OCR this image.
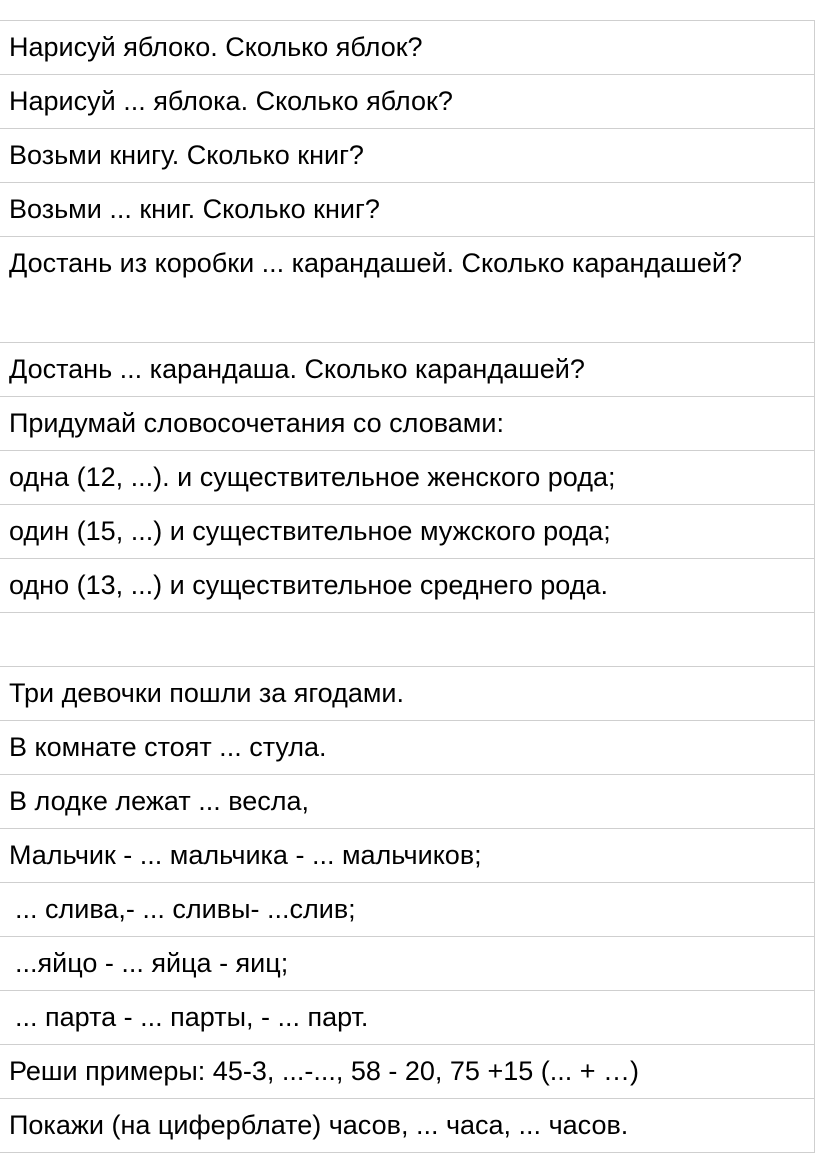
Нарисуй яблоко. Сколько яблок?
Нарисуй ... яблока. Сколько яблок?
Возьми книгу. Сколько книг?
Возьми ... книг. Сколько книг?
Достань из коробки ... карандашей. Сколько карандашей?
Достань ... карандаша. Сколько карандашей?
Придумай словосочетания со словами:
одна (12, ...). и существительное женского рода;
один (15, ...) и существительное мужского рода;
одно (13, ...) и существительное среднего рода.
Три девочки пошли за ягодами.
В комнате стоят ... стула.
В лодке лежат ... весла,
Мальчик - ... мальчика - ... мальчиков;
... слива,- ... сливы- ...слив;
...яйцо - ... яйца - яиц;
... парта - ... парты, - ... парт.
Реши примеры: 45-3, ...-..., 58 - 20, 75 +15 (... + …)
Покажи (на циферблате) часов, ... часа, ... часов.
